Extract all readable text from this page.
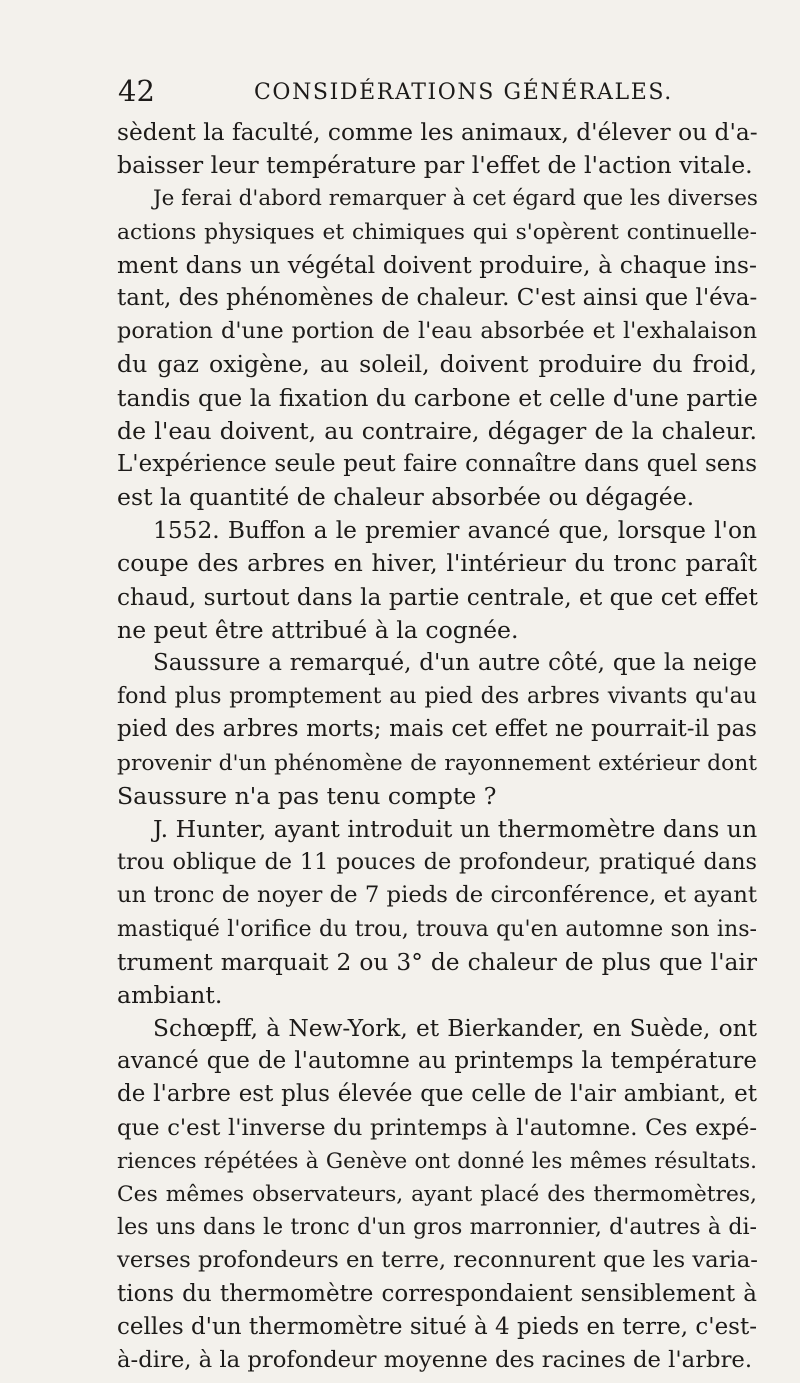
42	CONSIDÉRATIONS GÉNÉRALES.
sèdent la faculté, comme les animaux, d'élever ou d'a-
baisser leur température par l'effet de l'action vitale.
Je ferai d'abord remarquer à cet égard que les diverses
actions physiques et chimiques qui s'opèrent continuelle-
ment dans un végétal doivent produire, à chaque ins-
tant, des phénomènes de chaleur. C'est ainsi que l'éva-
poration d'une portion de l'eau absorbée et l'exhalaison
du gaz oxigène, au soleil, doivent produire du froid,
tandis que la fixation du carbone et celle d'une partie
de l'eau doivent, au contraire, dégager de la chaleur.
L'expérience seule peut faire connaître dans quel sens
est la quantité de chaleur absorbée ou dégagée.
1552. Buffon a le premier avancé que, lorsque l'on
coupe des arbres en hiver, l'intérieur du tronc paraît
chaud, surtout dans la partie centrale, et que cet effet
ne peut être attribué à la cognée.
Saussure a remarqué, d'un autre côté, que la neige
fond plus promptement au pied des arbres vivants qu'au
pied des arbres morts; mais cet effet ne pourrait-il pas
provenir d'un phénomène de rayonnement extérieur dont
Saussure n'a pas tenu compte ?
J. Hunter, ayant introduit un thermomètre dans un
trou oblique de 11 pouces de profondeur, pratiqué dans
un tronc de noyer de 7 pieds de circonférence, et ayant
mastiqué l'orifice du trou, trouva qu'en automne son ins-
trument marquait 2 ou 3° de chaleur de plus que l'air
ambiant.
Schœpff, à New-York, et Bierkander, en Suède, ont
avancé que de l'automne au printemps la température
de l'arbre est plus élevée que celle de l'air ambiant, et
que c'est l'inverse du printemps à l'automne. Ces expé-
riences répétées à Genève ont donné les mêmes résultats.
Ces mêmes observateurs, ayant placé des thermomètres,
les uns dans le tronc d'un gros marronnier, d'autres à di-
verses profondeurs en terre, reconnurent que les varia-
tions du thermomètre correspondaient sensiblement à
celles d'un thermomètre situé à 4 pieds en terre, c'est-
à-dire, à la profondeur moyenne des racines de l'arbre.
